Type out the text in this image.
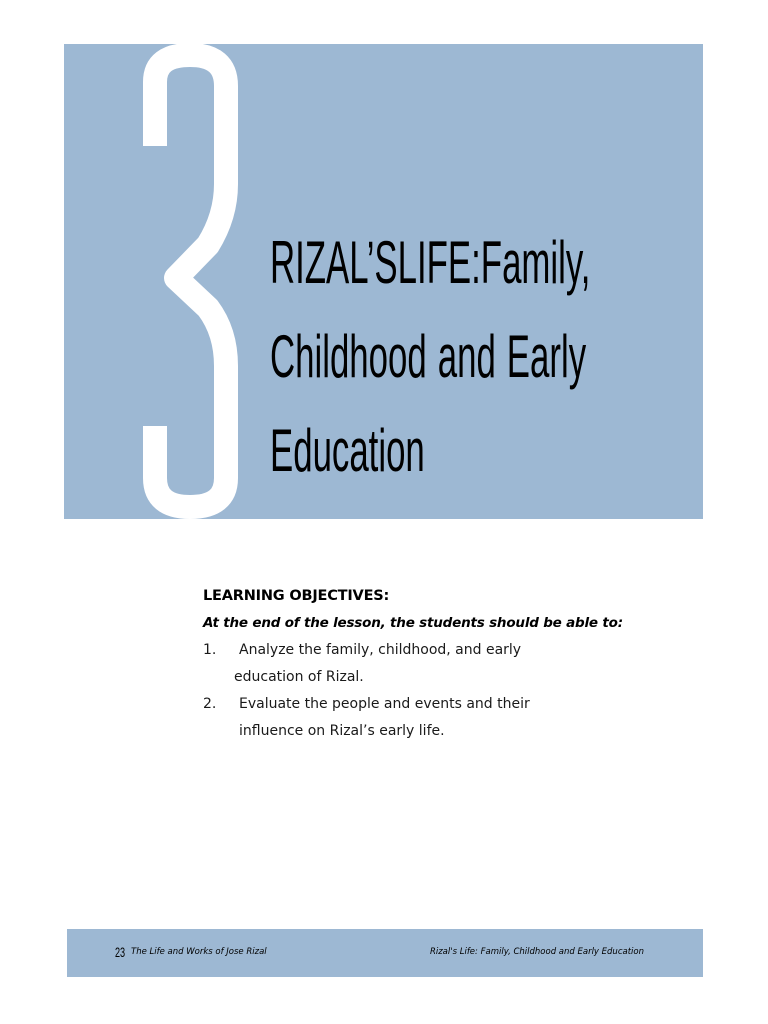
RIZAL’S LIFE: Family,
Childhood and Early
Education
LEARNING OBJECTIVES:

At the end of the lesson, the students should be able to:

1. Analyze the family, childhood, and early
education of Rizal.
2. Evaluate the people and events and their
influence on Rizal’s early life.
23 The Life and Works of Jose Rizal	Rizal's Life: Family, Childhood and Early Education
